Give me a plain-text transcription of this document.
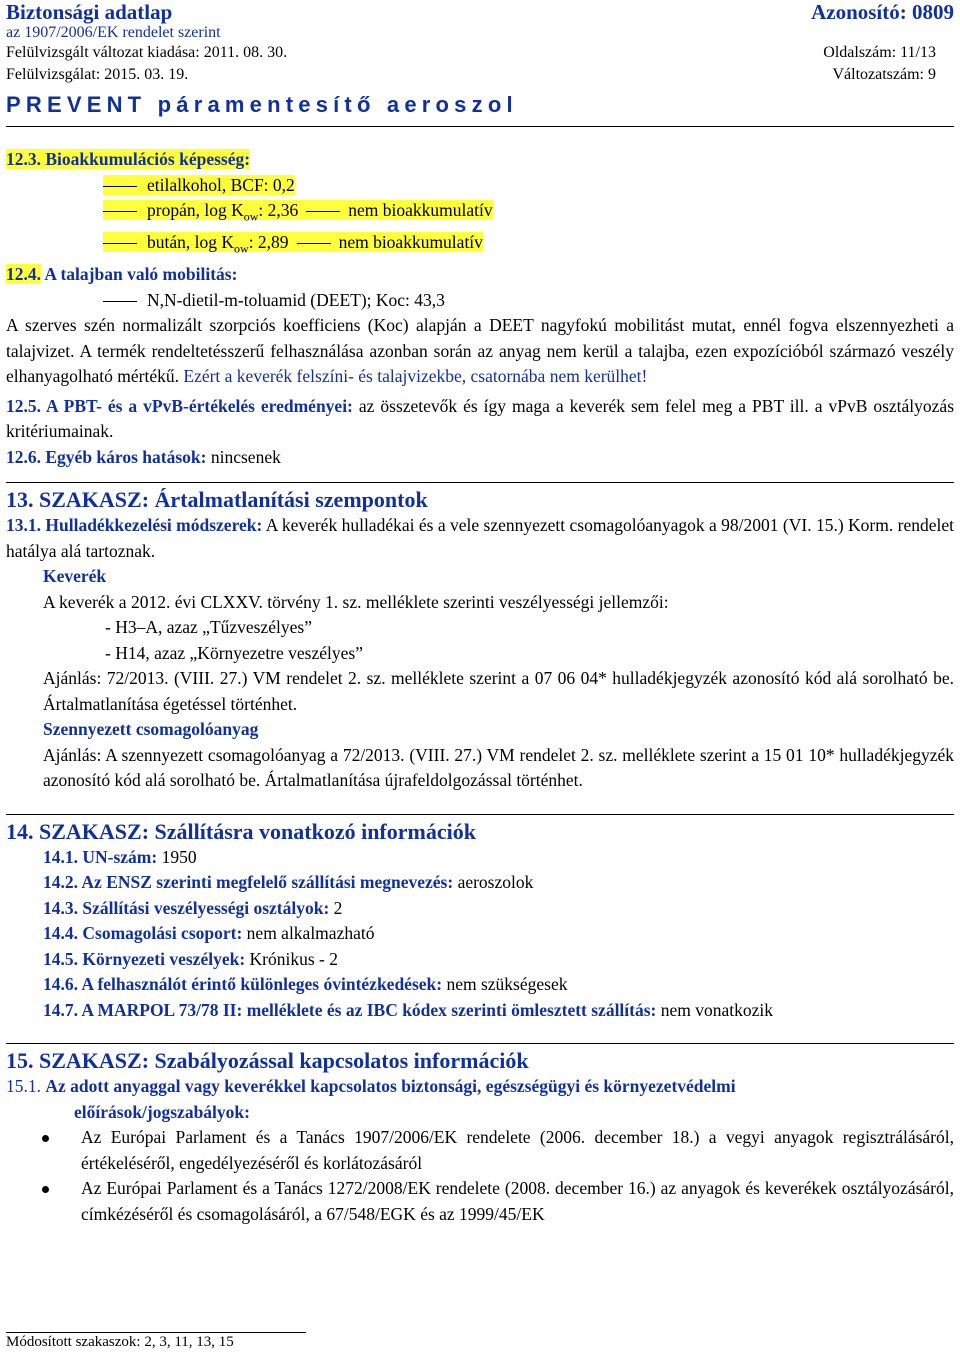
Biztonsági adatlap	Azonosító: 0809
az 1907/2006/EK rendelet szerint
Felülvizsgált változat kiadása: 2011. 08. 30.	Oldalszám: 11/13
Felülvizsgálat: 2015. 03. 19.	Változatszám: 9
PREVENT páramentesítő aeroszol
12.3. Bioakkumulációs képesség:
etilalkohol, BCF: 0,2
propán, $\log K_{ow}$: 2,36	nem bioakkumulatív
bután, $\log K_{ow}$: 2,89	nem bioakkumulatív
12.4. A talajban való mobilitás:
N,N-dietil-m-toluamid (DEET); Koc: 43,3
A szerves szén normalizált szorpciós koefficiens (Koc) alapján a DEET nagyfokú mobilitást mutat, ennél fogva elszennyezheti a talajvizet. A termék rendeltetésszerű felhasználása azonban során az anyag nem kerül a talajba, ezen expozícióból származó veszély elhanyagolható mértékű. Ezért a keverék felszíni- és talajvizekbe, csatornába nem kerülhet!
12.5. A PBT- és a vPvB-értékelés eredményei: az összetevők és így maga a keverék sem felel meg a PBT ill. a vPvB osztályozás kritériumainak.
12.6. Egyéb káros hatások: nincsenek
13. SZAKASZ: Ártalmatlanítási szempontok
13.1. Hulladékkezelési módszerek: A keverék hulladékai és a vele szennyezett csomagolóanyagok a 98/2001 (VI. 15.) Korm. rendelet hatálya alá tartoznak.
Keverék
A keverék a 2012. évi CLXXV. törvény 1. sz. melléklete szerinti veszélyességi jellemzői:
- H3–A, azaz „Tűzveszélyes”
- H14, azaz „Környezetre veszélyes”
Ajánlás: 72/2013. (VIII. 27.) VM rendelet 2. sz. melléklete szerint a 07 06 04* hulladékjegyzék azonosító kód alá sorolható be. Ártalmatlanítása égetéssel történhet.
Szennyezett csomagolóanyag
Ajánlás: A szennyezett csomagolóanyag a 72/2013. (VIII. 27.) VM rendelet 2. sz. melléklete szerint a 15 01 10* hulladékjegyzék azonosító kód alá sorolható be. Ártalmatlanítása újrafeldolgozással történhet.
14. SZAKASZ: Szállításra vonatkozó információk
14.1. UN-szám: 1950
14.2. Az ENSZ szerinti megfelelő szállítási megnevezés: aeroszolok
14.3. Szállítási veszélyességi osztályok: 2
14.4. Csomagolási csoport: nem alkalmazható
14.5. Környezeti veszélyek: Krónikus - 2
14.6. A felhasználót érintő különleges óvintézkedések: nem szükségesek
14.7. A MARPOL 73/78 II: melléklete és az IBC kódex szerinti ömlesztett szállítás: nem vonatkozik
15. SZAKASZ: Szabályozással kapcsolatos információk
15.1. Az adott anyaggal vagy keverékkel kapcsolatos biztonsági, egészségügyi és környezetvédelmi
előírások/jogszabályok:
Az Európai Parlament és a Tanács 1907/2006/EK rendelete (2006. december 18.) a vegyi anyagok regisztrálásáról, értékeléséről, engedélyezéséről és korlátozásáról
Az Európai Parlament és a Tanács 1272/2008/EK rendelete (2008. december 16.) az anyagok és keverékek osztályozásáról, címkézéséről és csomagolásáról, a 67/548/EGK és az 1999/45/EK
Módosított szakaszok: 2, 3, 11, 13, 15
